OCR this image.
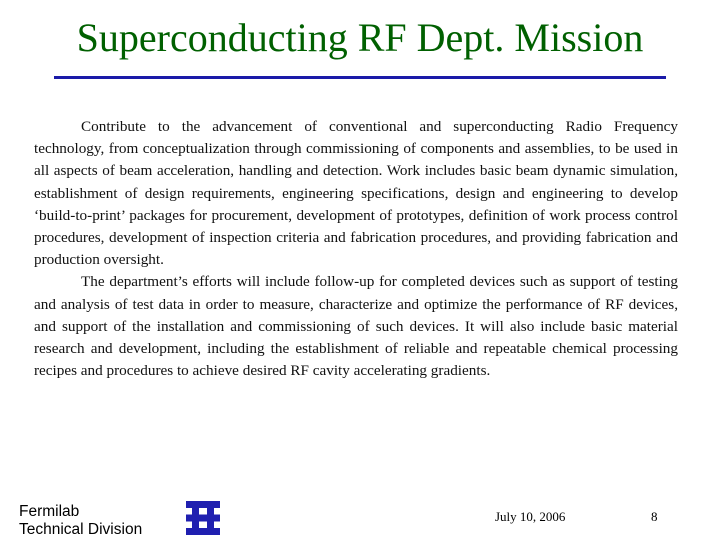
Superconducting RF Dept. Mission

Contribute to the advancement of conventional and superconducting Radio Frequency technology, from conceptualization through commissioning of components and assemblies, to be used in all aspects of beam acceleration, handling and detection. Work includes basic beam dynamic simulation, establishment of design requirements, engineering specifications, design and engineering to develop ‘build-to-print’ packages for procurement, development of prototypes, definition of work process control procedures, development of inspection criteria and fabrication procedures, and providing fabrication and production oversight.

The department’s efforts will include follow-up for completed devices such as support of testing and analysis of test data in order to measure, characterize and optimize the performance of RF devices, and support of the installation and commissioning of such devices. It will also include basic material research and development, including the establishment of reliable and repeatable chemical processing recipes and procedures to achieve desired RF cavity accelerating gradients.

Fermilab
Technical Division
July 10, 2006	8
